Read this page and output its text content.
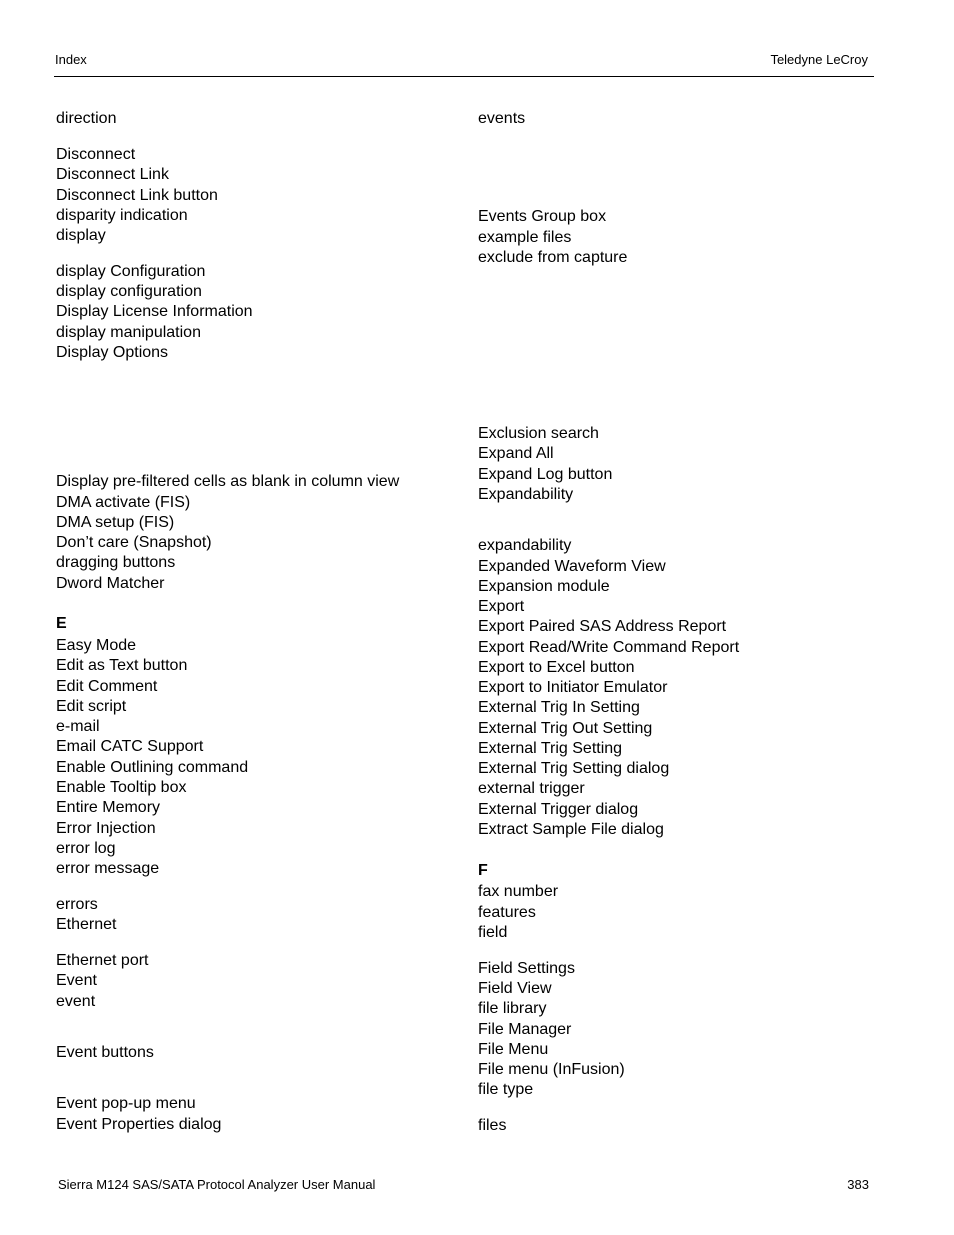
Index	Teledyne LeCroy
direction
Disconnect
Disconnect Link
Disconnect Link button
disparity indication
display
display Configuration
display configuration
Display License Information
display manipulation
Display Options
Display pre-filtered cells as blank in column view
DMA activate (FIS)
DMA setup (FIS)
Don’t care (Snapshot)
dragging buttons
Dword Matcher
E
Easy Mode
Edit as Text button
Edit Comment
Edit script
e-mail
Email CATC Support
Enable Outlining command
Enable Tooltip box
Entire Memory
Error Injection
error log
error message
errors
Ethernet
Ethernet port
Event
event
Event buttons
Event pop-up menu
Event Properties dialog
events
Events Group box
example files
exclude from capture
Exclusion search
Expand All
Expand Log button
Expandability
expandability
Expanded Waveform View
Expansion module
Export
Export Paired SAS Address Report
Export Read/Write Command Report
Export to Excel button
Export to Initiator Emulator
External Trig In Setting
External Trig Out Setting
External Trig Setting
External Trig Setting dialog
external trigger
External Trigger dialog
Extract Sample File dialog
F
fax number
features
field
Field Settings
Field View
file library
File Manager
File Menu
File menu (InFusion)
file type
files
Sierra M124 SAS/SATA Protocol Analyzer User Manual	383
